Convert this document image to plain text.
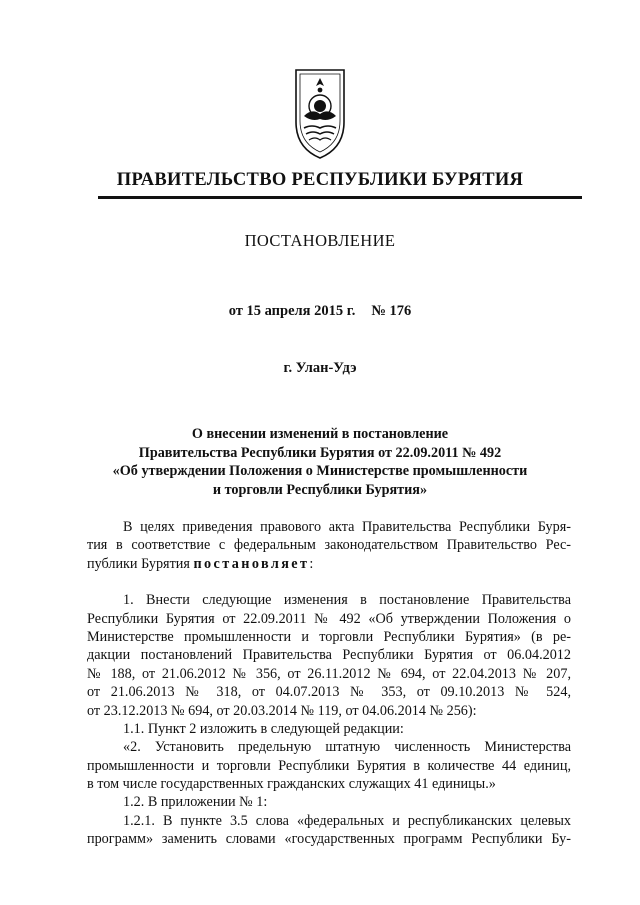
ПРАВИТЕЛЬСТВО РЕСПУБЛИКИ БУРЯТИЯ
ПОСТАНОВЛЕНИЕ
от 15 апреля 2015 г. № 176
г. Улан-Удэ
О внесении изменений в постановление
Правительства Республики Бурятия от 22.09.2011 № 492
«Об утверждении Положения о Министерстве промышленности
и торговли Республики Бурятия»
В целях приведения правового акта Правительства Республики Буря-
тия в соответствие с федеральным законодательством Правительство Рес-
публики Бурятия постановляет:
1. Внести следующие изменения в постановление Правительства
Республики Бурятия от 22.09.2011 № 492 «Об утверждении Положения о
Министерстве промышленности и торговли Республики Бурятия» (в ре-
дакции постановлений Правительства Республики Бурятия от 06.04.2012
№ 188, от 21.06.2012 № 356, от 26.11.2012 № 694, от 22.04.2013 № 207,
от 21.06.2013 № 318, от 04.07.2013 № 353, от 09.10.2013 № 524,
от 23.12.2013 № 694, от 20.03.2014 № 119, от 04.06.2014 № 256):
1.1. Пункт 2 изложить в следующей редакции:
«2. Установить предельную штатную численность Министерства
промышленности и торговли Республики Бурятия в количестве 44 единиц,
в том числе государственных гражданских служащих 41 единицы.»
1.2. В приложении № 1:
1.2.1. В пункте 3.5 слова «федеральных и республиканских целевых
программ» заменить словами «государственных программ Республики Бу-
